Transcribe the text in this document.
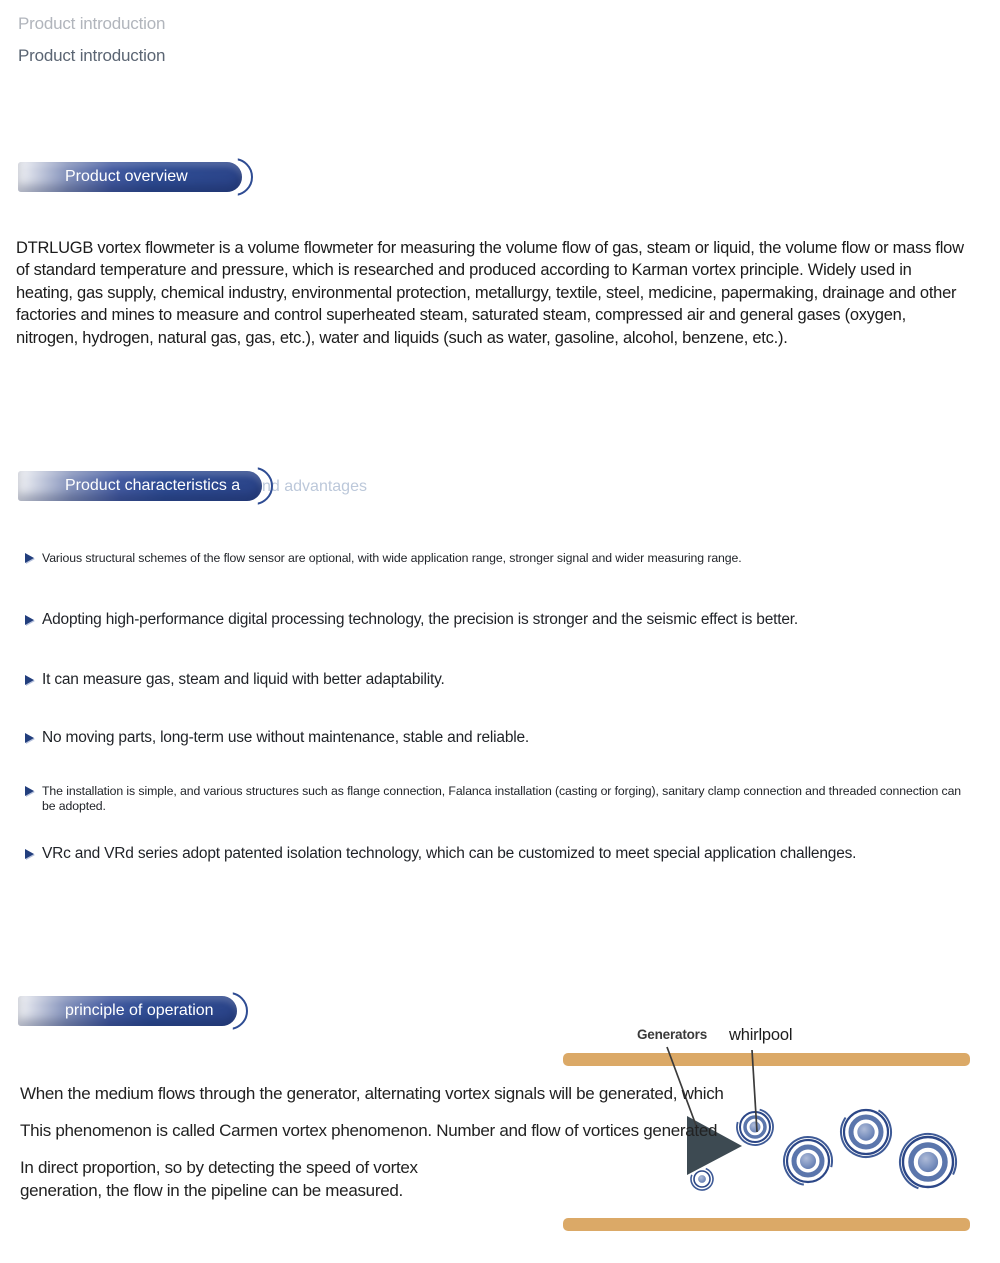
Product introduction
Product introduction
Product overview
DTRLUGB vortex flowmeter is a volume flowmeter for measuring the volume flow of gas, steam or liquid, the volume flow or mass flow of standard temperature and pressure, which is researched and produced according to Karman vortex principle. Widely used in heating, gas supply, chemical industry, environmental protection, metallurgy, textile, steel, medicine, papermaking, drainage and other factories and mines to measure and control superheated steam, saturated steam, compressed air and general gases (oxygen, nitrogen, hydrogen, natural gas, gas, etc.), water and liquids (such as water, gasoline, alcohol, benzene, etc.).
Product characteristics a nd advantages
Various structural schemes of the flow sensor are optional, with wide application range, stronger signal and wider measuring range.
Adopting high-performance digital processing technology, the precision is stronger and the seismic effect is better.
It can measure gas, steam and liquid with better adaptability.
No moving parts, long-term use without maintenance, stable and reliable.
The installation is simple, and various structures such as flange connection, Falanca installation (casting or forging), sanitary clamp connection and threaded connection can be adopted.
VRc and VRd series adopt patented isolation technology, which can be customized to meet special application challenges.
principle of operation
When the medium flows through the generator, alternating vortex signals will be generated, which
This phenomenon is called Carmen vortex phenomenon. Number and flow of vortices generated
In direct proportion, so by detecting the speed of vortex generation, the flow in the pipeline can be measured.
Generators whirlpool
